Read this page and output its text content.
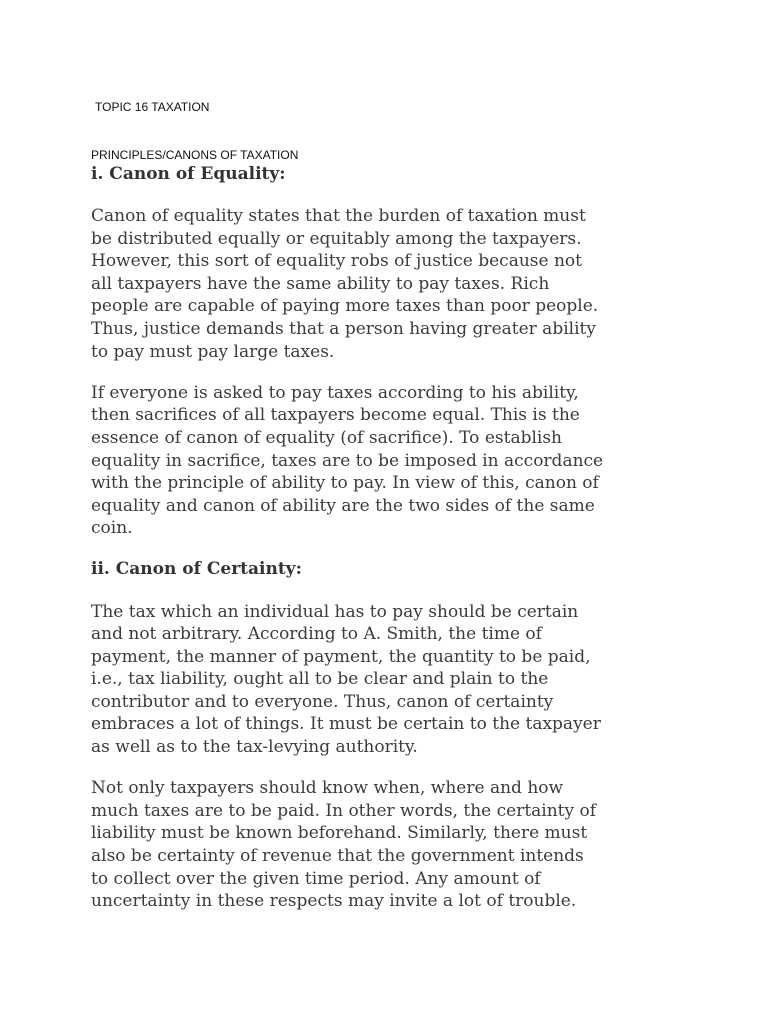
TOPIC 16 TAXATION
PRINCIPLES/CANONS OF TAXATION
i. Canon of Equality:

Canon of equality states that the burden of taxation must
be distributed equally or equitably among the taxpayers.
However, this sort of equality robs of justice because not
all taxpayers have the same ability to pay taxes. Rich
people are capable of paying more taxes than poor people.
Thus, justice demands that a person having greater ability
to pay must pay large taxes.

If everyone is asked to pay taxes according to his ability,
then sacrifices of all taxpayers become equal. This is the
essence of canon of equality (of sacrifice). To establish
equality in sacrifice, taxes are to be imposed in accordance
with the principle of ability to pay. In view of this, canon of
equality and canon of ability are the two sides of the same
coin.

ii. Canon of Certainty:

The tax which an individual has to pay should be certain
and not arbitrary. According to A. Smith, the time of
payment, the manner of payment, the quantity to be paid,
i.e., tax liability, ought all to be clear and plain to the
contributor and to everyone. Thus, canon of certainty
embraces a lot of things. It must be certain to the taxpayer
as well as to the tax-levying authority.

Not only taxpayers should know when, where and how
much taxes are to be paid. In other words, the certainty of
liability must be known beforehand. Similarly, there must
also be certainty of revenue that the government intends
to collect over the given time period. Any amount of
uncertainty in these respects may invite a lot of trouble.
